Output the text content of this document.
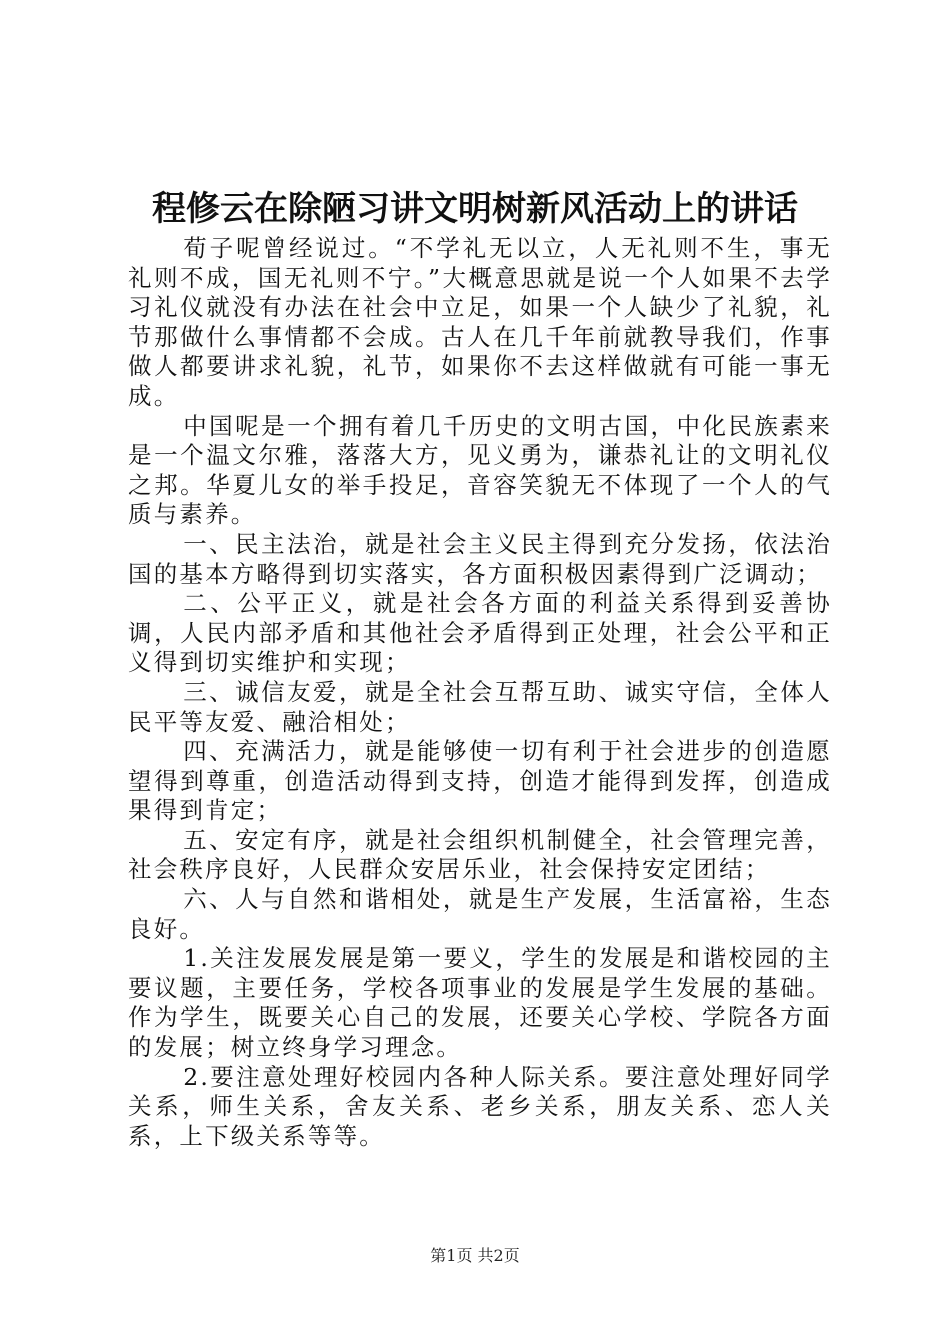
程修云在除陋习讲文明树新风活动上的讲话

荀子呢曾经说过。“不学礼无以立，人无礼则不生，事无礼则不成，国无礼则不宁。”大概意思就是说一个人如果不去学习礼仪就没有办法在社会中立足，如果一个人缺少了礼貌，礼节那做什么事情都不会成。古人在几千年前就教导我们，作事做人都要讲求礼貌，礼节，如果你不去这样做就有可能一事无成。

中国呢是一个拥有着几千历史的文明古国，中化民族素来是一个温文尔雅，落落大方，见义勇为，谦恭礼让的文明礼仪之邦。华夏儿女的举手投足，音容笑貌无不体现了一个人的气质与素养。

一、民主法治，就是社会主义民主得到充分发扬，依法治国的基本方略得到切实落实，各方面积极因素得到广泛调动；

二、公平正义，就是社会各方面的利益关系得到妥善协调，人民内部矛盾和其他社会矛盾得到正处理，社会公平和正义得到切实维护和实现；

三、诚信友爱，就是全社会互帮互助、诚实守信，全体人民平等友爱、融洽相处；

四、充满活力，就是能够使一切有利于社会进步的创造愿望得到尊重，创造活动得到支持，创造才能得到发挥，创造成果得到肯定；

五、安定有序，就是社会组织机制健全，社会管理完善，社会秩序良好，人民群众安居乐业，社会保持安定团结；

六、人与自然和谐相处，就是生产发展，生活富裕，生态良好。

1.关注发展发展是第一要义，学生的发展是和谐校园的主要议题，主要任务，学校各项事业的发展是学生发展的基础。作为学生，既要关心自己的发展，还要关心学校、学院各方面的发展；树立终身学习理念。

2.要注意处理好校园内各种人际关系。要注意处理好同学关系，师生关系，舍友关系、老乡关系，朋友关系、恋人关系，上下级关系等等。

第1页 共2页
